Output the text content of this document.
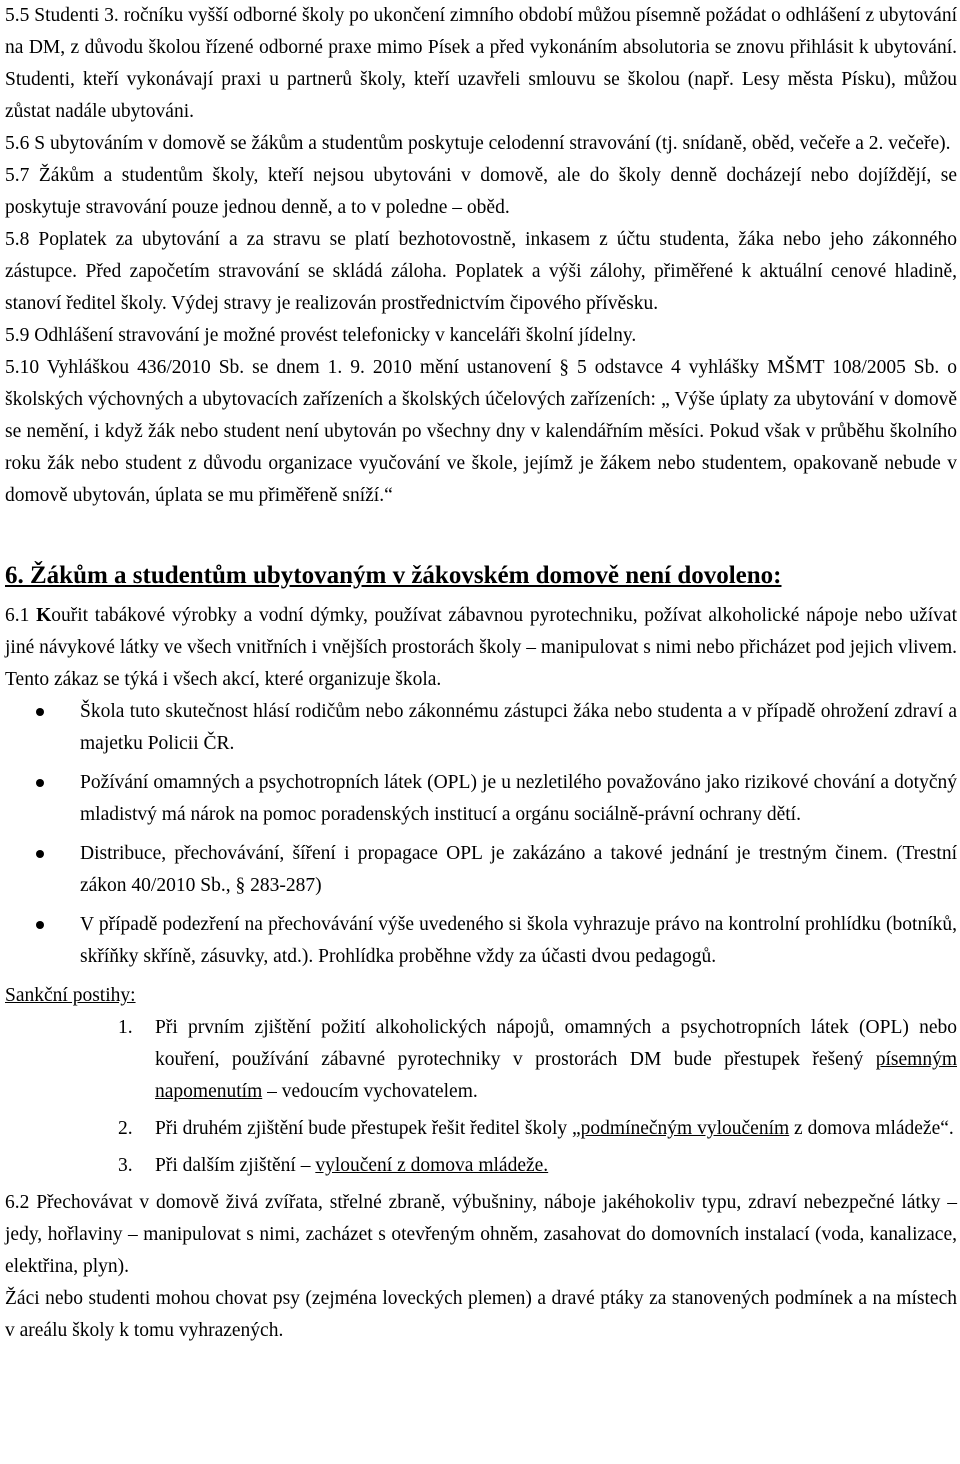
5.5 Studenti 3. ročníku vyšší odborné školy po ukončení zimního období můžou písemně požádat o odhlášení z ubytování na DM, z důvodu školou řízené odborné praxe mimo Písek a před vykonáním absolutoria se znovu přihlásit k ubytování. Studenti, kteří vykonávají praxi u partnerů školy, kteří uzavřeli smlouvu se školou (např. Lesy města Písku), můžou zůstat nadále ubytováni.

5.6 S ubytováním v domově se žákům a studentům poskytuje celodenní stravování (tj. snídaně, oběd, večeře a 2. večeře).

5.7 Žákům a studentům školy, kteří nejsou ubytováni v domově, ale do školy denně docházejí nebo dojíždějí, se poskytuje stravování pouze jednou denně, a to v poledne – oběd.

5.8 Poplatek za ubytování a za stravu se platí bezhotovostně, inkasem z účtu studenta, žáka nebo jeho zákonného zástupce. Před započetím stravování se skládá záloha. Poplatek a výši zálohy, přiměřené k aktuální cenové hladině, stanoví ředitel školy. Výdej stravy je realizován prostřednictvím čipového přívěsku.

5.9 Odhlášení stravování je možné provést telefonicky v kanceláři školní jídelny.

5.10 Vyhláškou 436/2010 Sb. se dnem 1. 9. 2010 mění ustanovení § 5 odstavce 4 vyhlášky MŠMT 108/2005 Sb. o školských výchovných a ubytovacích zařízeních a školských účelových zařízeních: „ Výše úplaty za ubytování v domově se nemění, i když žák nebo student není ubytován po všechny dny v kalendářním měsíci. Pokud však v průběhu školního roku žák nebo student z důvodu organizace vyučování ve škole, jejímž je žákem nebo studentem, opakovaně nebude v domově ubytován, úplata se mu přiměřeně sníží.“

6. Žákům a studentům ubytovaným v žákovském domově není dovoleno:

6.1 Kouřit tabákové výrobky a vodní dýmky, používat zábavnou pyrotechniku, požívat alkoholické nápoje nebo užívat jiné návykové látky ve všech vnitřních i vnějších prostorách školy – manipulovat s nimi nebo přicházet pod jejich vlivem. Tento zákaz se týká i všech akcí, které organizuje škola.

Škola tuto skutečnost hlásí rodičům nebo zákonnému zástupci žáka nebo studenta a v případě ohrožení zdraví a majetku Policii ČR.
Požívání omamných a psychotropních látek (OPL) je u nezletilého považováno jako rizikové chování a dotyčný mladistvý má nárok na pomoc poradenských institucí a orgánu sociálně-právní ochrany dětí.
Distribuce, přechovávání, šíření i propagace OPL je zakázáno a takové jednání je trestným činem. (Trestní zákon 40/2010 Sb., § 283-287)
V případě podezření na přechovávání výše uvedeného si škola vyhrazuje právo na kontrolní prohlídku (botníků, skříňky skříně, zásuvky, atd.). Prohlídka proběhne vždy za účasti dvou pedagogů.

Sankční postihy:

1. Při prvním zjištění požití alkoholických nápojů, omamných a psychotropních látek (OPL) nebo kouření, používání zábavné pyrotechniky v prostorách DM bude přestupek řešený písemným napomenutím – vedoucím vychovatelem.
2. Při druhém zjištění bude přestupek řešit ředitel školy „podmínečným vyloučením z domova mládeže“.
3. Při dalším zjištění – vyloučení z domova mládeže.

6.2 Přechovávat v domově živá zvířata, střelné zbraně, výbušniny, náboje jakéhokoliv typu, zdraví nebezpečné látky – jedy, hořlaviny – manipulovat s nimi, zacházet s otevřeným ohněm, zasahovat do domovních instalací (voda, kanalizace, elektřina, plyn).

Žáci nebo studenti mohou chovat psy (zejména loveckých plemen) a dravé ptáky za stanovených podmínek a na místech v areálu školy k tomu vyhrazených.
